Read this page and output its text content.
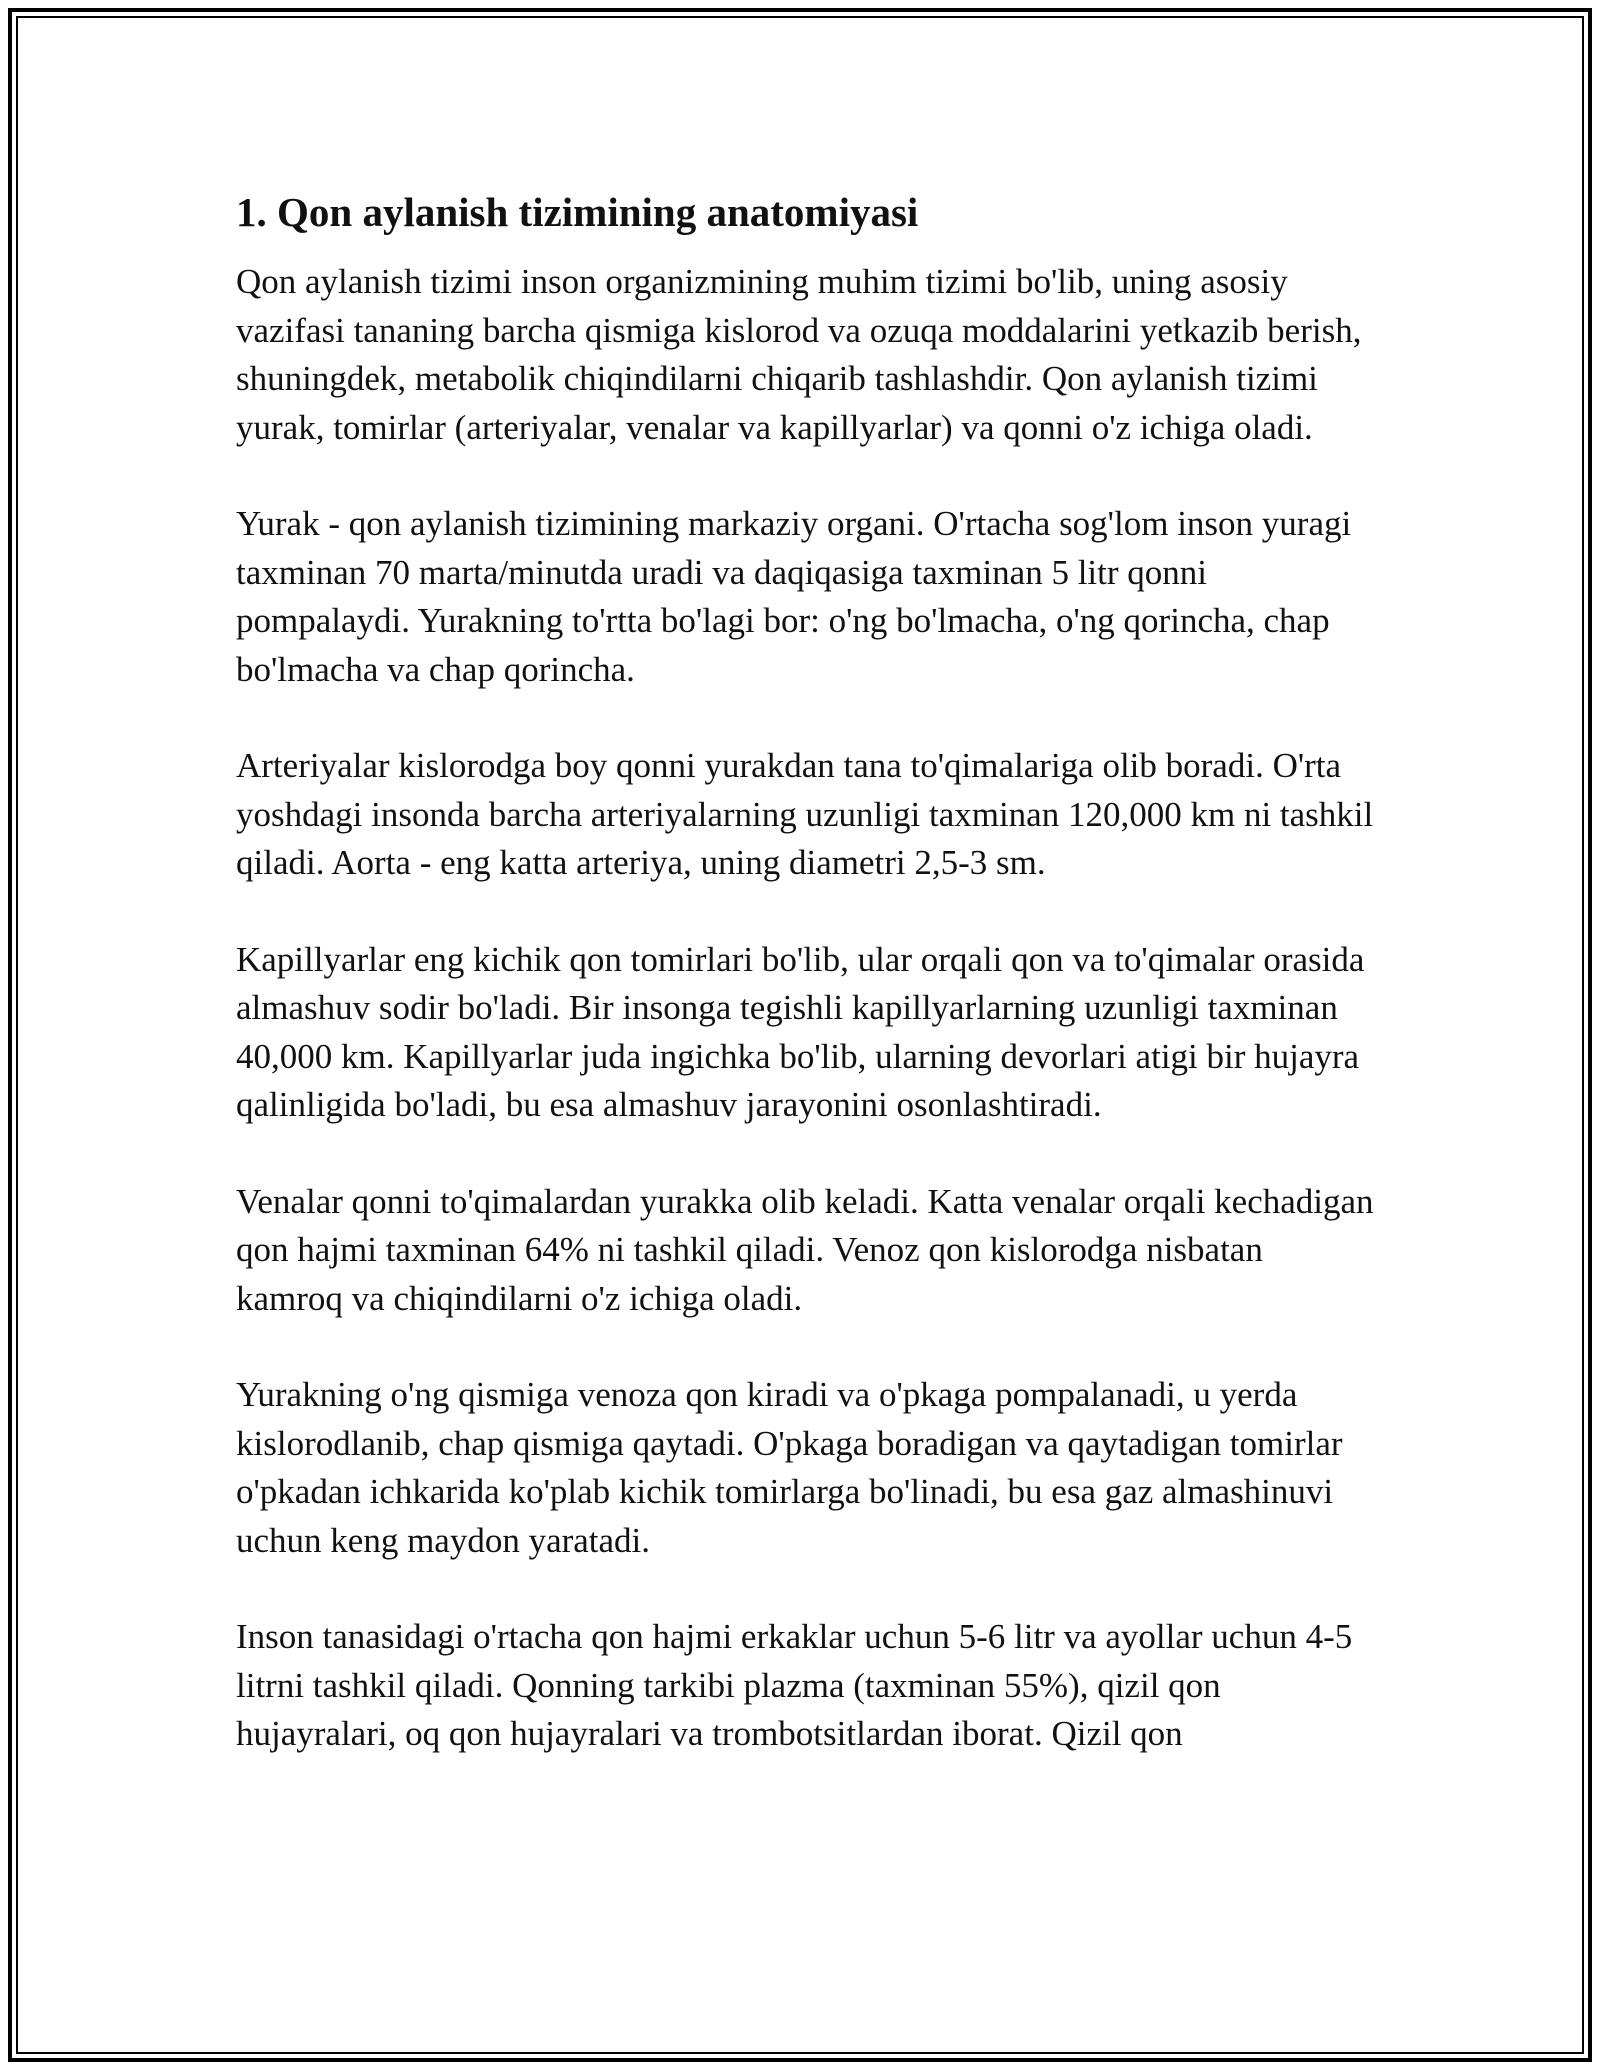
1. Qon aylanish tizimining anatomiyasi

Qon aylanish tizimi inson organizmining muhim tizimi bo'lib, uning asosiy vazifasi tananing barcha qismiga kislorod va ozuqa moddalarini yetkazib berish, shuningdek, metabolik chiqindilarni chiqarib tashlashdir. Qon aylanish tizimi yurak, tomirlar (arteriyalar, venalar va kapillyarlar) va qonni o'z ichiga oladi.

Yurak - qon aylanish tizimining markaziy organi. O'rtacha sog'lom inson yuragi taxminan 70 marta/minutda uradi va daqiqasiga taxminan 5 litr qonni pompalaydi. Yurakning to'rtta bo'lagi bor: o'ng bo'lmacha, o'ng qorincha, chap bo'lmacha va chap qorincha.

Arteriyalar kislorodga boy qonni yurakdan tana to'qimalariga olib boradi. O'rta yoshdagi insonda barcha arteriyalarning uzunligi taxminan 120,000 km ni tashkil qiladi. Aorta - eng katta arteriya, uning diametri 2,5-3 sm.

Kapillyarlar eng kichik qon tomirlari bo'lib, ular orqali qon va to'qimalar orasida almashuv sodir bo'ladi. Bir insonga tegishli kapillyarlarning uzunligi taxminan 40,000 km. Kapillyarlar juda ingichka bo'lib, ularning devorlari atigi bir hujayra qalinligida bo'ladi, bu esa almashuv jarayonini osonlashtiradi.

Venalar qonni to'qimalardan yurakka olib keladi. Katta venalar orqali kechadigan qon hajmi taxminan 64% ni tashkil qiladi. Venoz qon kislorodga nisbatan kamroq va chiqindilarni o'z ichiga oladi.

Yurakning o'ng qismiga venoza qon kiradi va o'pkaga pompalanadi, u yerda kislorodlanib, chap qismiga qaytadi. O'pkaga boradigan va qaytadigan tomirlar o'pkadan ichkarida ko'plab kichik tomirlarga bo'linadi, bu esa gaz almashinuvi uchun keng maydon yaratadi.

Inson tanasidagi o'rtacha qon hajmi erkaklar uchun 5-6 litr va ayollar uchun 4-5 litrni tashkil qiladi. Qonning tarkibi plazma (taxminan 55%), qizil qon hujayralari, oq qon hujayralari va trombotsitlardan iborat. Qizil qon
